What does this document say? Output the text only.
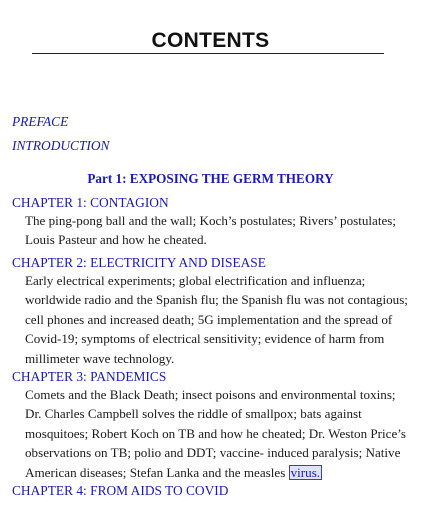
CONTENTS
PREFACE
INTRODUCTION
Part 1: EXPOSING THE GERM THEORY
CHAPTER 1: CONTAGION
The ping-pong ball and the wall; Koch’s postulates; Rivers’ postulates;
Louis Pasteur and how he cheated.
CHAPTER 2: ELECTRICITY AND DISEASE
Early electrical experiments; global electrification and influenza;
worldwide radio and the Spanish flu; the Spanish flu was not contagious;
cell phones and increased death; 5G implementation and the spread of
Covid-19; symptoms of electrical sensitivity; evidence of harm from
millimeter wave technology.
CHAPTER 3: PANDEMICS
Comets and the Black Death; insect poisons and environmental toxins;
Dr. Charles Campbell solves the riddle of smallpox; bats against
mosquitoes; Robert Koch on TB and how he cheated; Dr. Weston Price’s
observations on TB; polio and DDT; vaccine- induced paralysis; Native
American diseases; Stefan Lanka and the measles virus.
CHAPTER 4: FROM AIDS TO COVID
